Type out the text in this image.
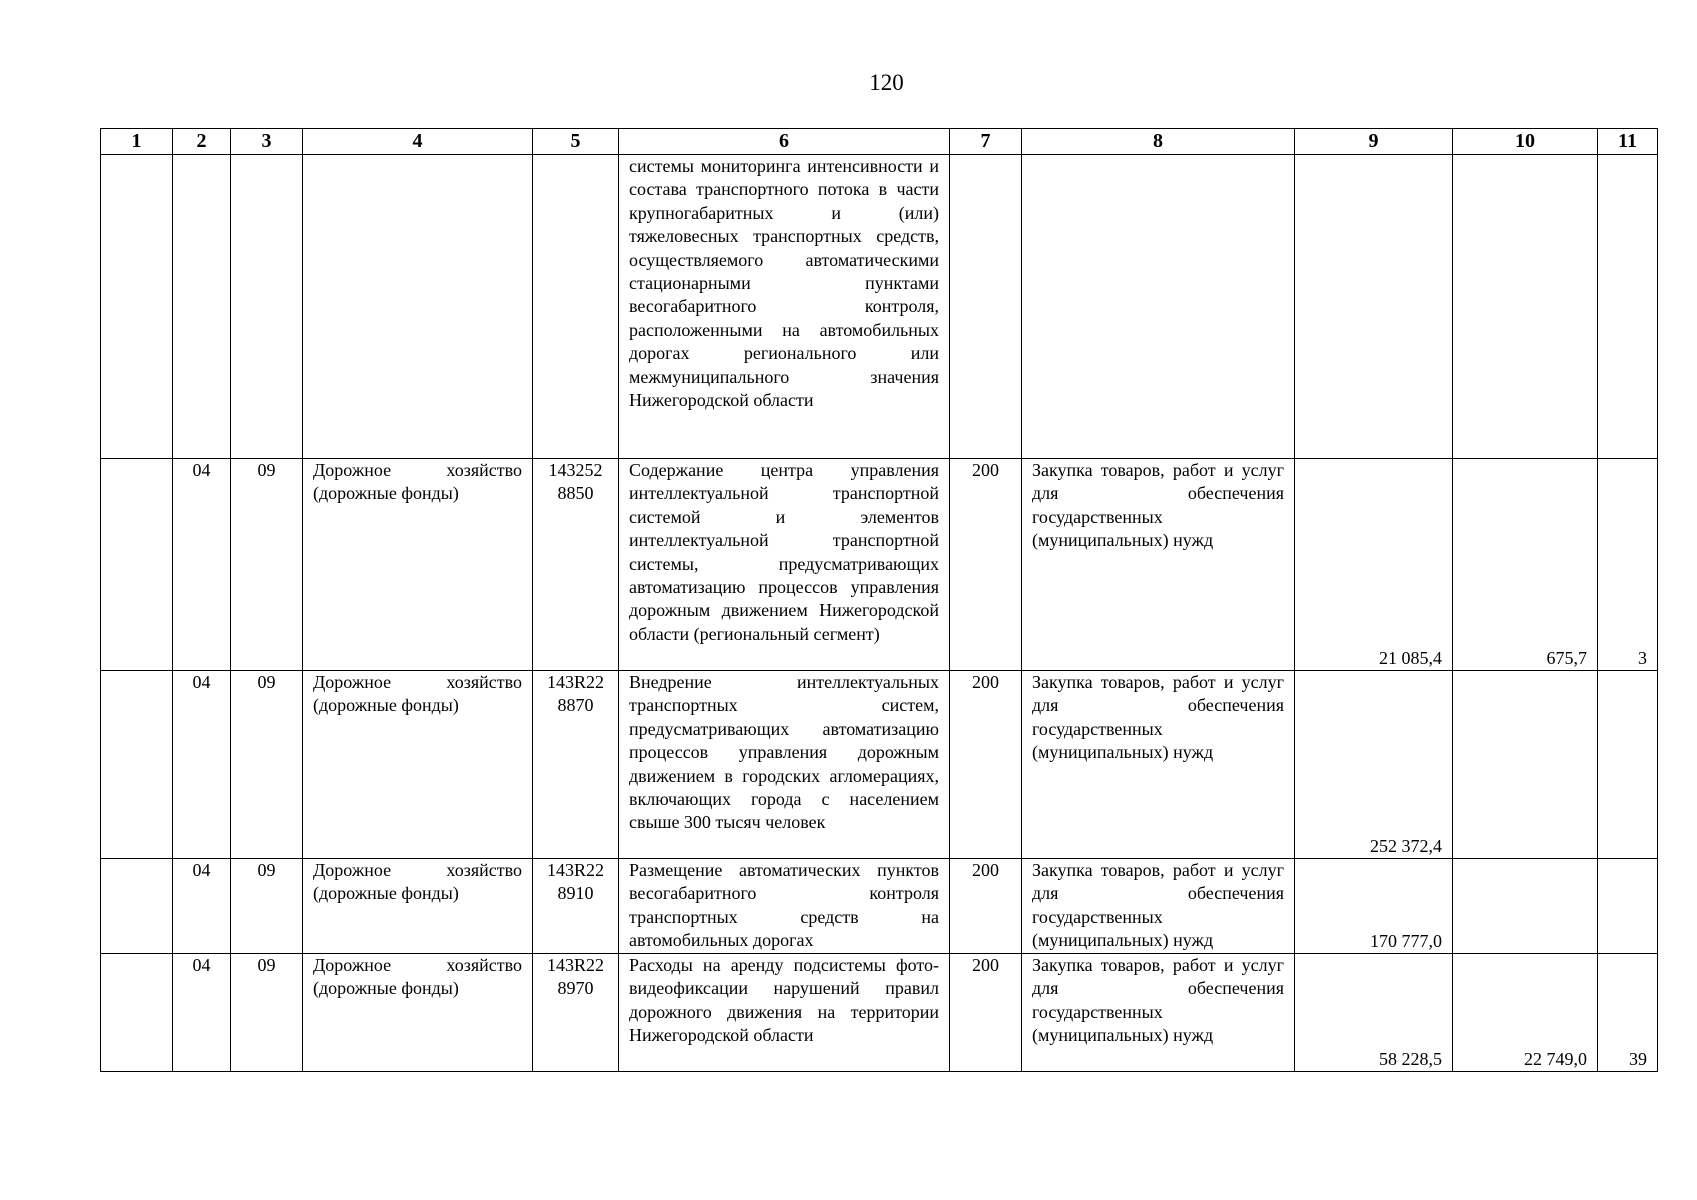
120
1	2	3	4	5	6	7	8	9	10	11
					системы мониторинга интенсивности и состава транспортного потока в части крупногабаритных и (или) тяжеловесных транспортных средств, осуществляемого автоматическими стационарными пунктами весогабаритного контроля, расположенными на автомобильных дорогах регионального или межмуниципального значения Нижегородской области					
	04	09	Дорожное хозяйство (дорожные фонды)	143252 8850	Содержание центра управления интеллектуальной транспортной системой и элементов интеллектуальной транспортной системы, предусматривающих автоматизацию процессов управления дорожным движением Нижегородской области (региональный сегмент)	200	Закупка товаров, работ и услуг для обеспечения государственных (муниципальных) нужд	21 085,4	675,7	3
	04	09	Дорожное хозяйство (дорожные фонды)	143R22 8870	Внедрение интеллектуальных транспортных систем, предусматривающих автоматизацию процессов управления дорожным движением в городских агломерациях, включающих города с населением свыше 300 тысяч человек	200	Закупка товаров, работ и услуг для обеспечения государственных (муниципальных) нужд	252 372,4		
	04	09	Дорожное хозяйство (дорожные фонды)	143R22 8910	Размещение автоматических пунктов весогабаритного контроля транспортных средств на автомобильных дорогах	200	Закупка товаров, работ и услуг для обеспечения государственных (муниципальных) нужд	170 777,0		
	04	09	Дорожное хозяйство (дорожные фонды)	143R22 8970	Расходы на аренду подсистемы фото-видеофиксации нарушений правил дорожного движения на территории Нижегородской области	200	Закупка товаров, работ и услуг для обеспечения государственных (муниципальных) нужд	58 228,5	22 749,0	39
